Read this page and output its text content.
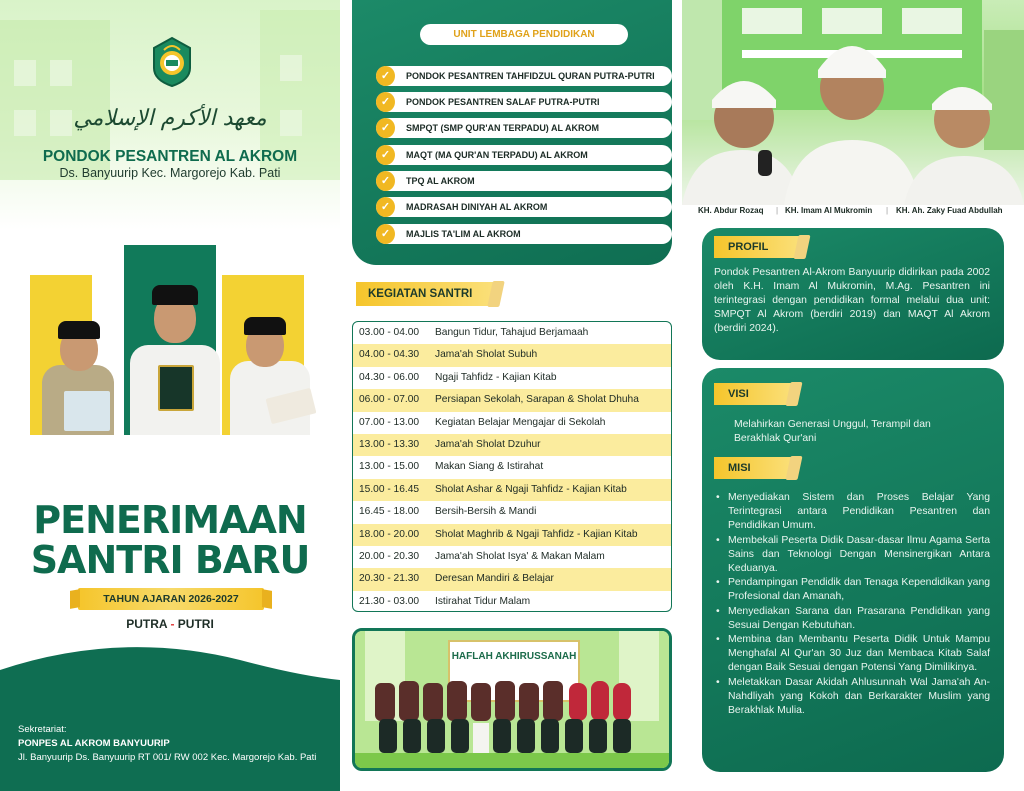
معهد الأكرم الإسلامي
PONDOK PESANTREN AL AKROM
Ds. Banyuurip Kec. Margorejo Kab. Pati
PENERIMAAN
SANTRI BARU
TAHUN AJARAN 2026-2027
PUTRA - PUTRI
Sekretariat:
PONPES AL AKROM BANYUURIP
Jl. Banyuurip Ds. Banyuurip RT 001/ RW 002 Kec. Margorejo Kab. Pati
UNIT LEMBAGA PENDIDIKAN
✓	PONDOK PESANTREN TAHFIDZUL QURAN PUTRA-PUTRI
✓	PONDOK PESANTREN SALAF PUTRA-PUTRI
✓	SMPQT (SMP QUR'AN TERPADU) AL AKROM
✓	MAQT (MA QUR'AN TERPADU) AL AKROM
✓	TPQ AL AKROM
✓	MADRASAH DINIYAH AL AKROM
✓	MAJLIS TA'LIM AL AKROM
KEGIATAN SANTRI
03.00 - 04.00	Bangun Tidur, Tahajud Berjamaah
04.00 - 04.30	Jama'ah Sholat Subuh
04.30 - 06.00	Ngaji Tahfidz - Kajian Kitab
06.00 - 07.00	Persiapan Sekolah, Sarapan & Sholat Dhuha
07.00 - 13.00	Kegiatan Belajar Mengajar di Sekolah
13.00 - 13.30	Jama'ah Sholat Dzuhur
13.00 - 15.00	Makan Siang & Istirahat
15.00 - 16.45	Sholat Ashar & Ngaji Tahfidz - Kajian Kitab
16.45 - 18.00	Bersih-Bersih & Mandi
18.00 - 20.00	Sholat Maghrib & Ngaji Tahfidz - Kajian Kitab
20.00 - 20.30	Jama'ah Sholat Isya' & Makan Malam
20.30 - 21.30	Deresan Mandiri & Belajar
21.30 - 03.00	Istirahat Tidur Malam
HAFLAH AKHIRUSSANAH
KH. Abdur Rozaq | KH. Imam Al Mukromin | KH. Ah. Zaky Fuad Abdullah
PROFIL
Pondok Pesantren Al-Akrom Banyuurip didirikan pada 2002 oleh K.H. Imam Al Mukromin, M.Ag. Pesantren ini terintegrasi dengan pendidikan formal melalui dua unit: SMPQT Al Akrom (berdiri 2019) dan MAQT Al Akrom (berdiri 2024).
VISI
Melahirkan Generasi Unggul, Terampil dan Berakhlak Qur'ani
MISI
• Menyediakan Sistem dan Proses Belajar Yang Terintegrasi antara Pendidikan Pesantren dan Pendidikan Umum.
• Membekali Peserta Didik Dasar-dasar Ilmu Agama Serta Sains dan Teknologi Dengan Mensinergikan Antara Keduanya.
• Pendampingan Pendidik dan Tenaga Kependidikan yang Profesional dan Amanah,
• Menyediakan Sarana dan Prasarana Pendidikan yang Sesuai Dengan Kebutuhan.
• Membina dan Membantu Peserta Didik Untuk Mampu Menghafal Al Qur'an 30 Juz dan Membaca Kitab Salaf dengan Baik Sesuai dengan Potensi Yang Dimilikinya.
• Meletakkan Dasar Akidah Ahlusunnah Wal Jama'ah An-Nahdliyah yang Kokoh dan Berkarakter Muslim yang Berakhlak Mulia.
